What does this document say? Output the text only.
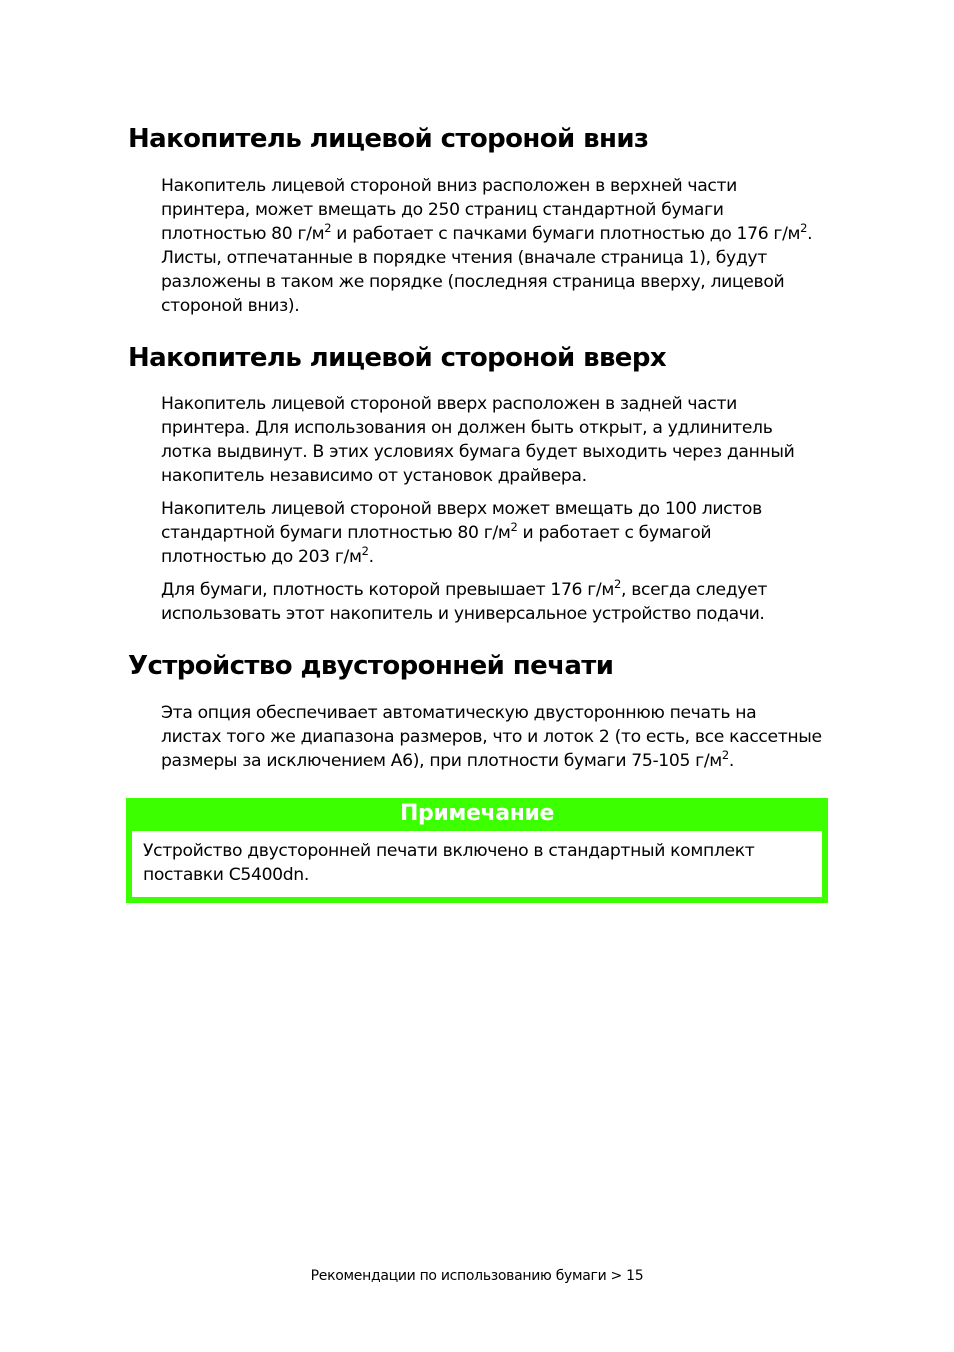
Накопитель лицевой стороной вниз
Накопитель лицевой стороной вниз расположен в верхней части
принтера, может вмещать до 250 страниц стандартной бумаги
плотностью 80 $г/м^2$ и работает с пачками бумаги плотностью до 176 $г/м^2$.
Листы, отпечатанные в порядке чтения (вначале страница 1), будут
разложены в таком же порядке (последняя страница вверху, лицевой
стороной вниз).
Накопитель лицевой стороной вверх
Накопитель лицевой стороной вверх расположен в задней части
принтера. Для использования он должен быть открыт, а удлинитель
лотка выдвинут. В этих условиях бумага будет выходить через данный
накопитель независимо от установок драйвера.
Накопитель лицевой стороной вверх может вмещать до 100 листов
стандартной бумаги плотностью 80 $г/м^2$ и работает с бумагой
плотностью до 203 $г/м^2$.
Для бумаги, плотность которой превышает 176 $г/м^2$, всегда следует
использовать этот накопитель и универсальное устройство подачи.
Устройство двусторонней печати
Эта опция обеспечивает автоматическую двустороннюю печать на
листах того же диапазона размеров, что и лоток 2 (то есть, все кассетные
размеры за исключением A6), при плотности бумаги 75-105 $г/м^2$.
Примечание
Устройство двусторонней печати включено в стандартный комплект
поставки C5400dn.
Рекомендации по использованию бумаги > 15
